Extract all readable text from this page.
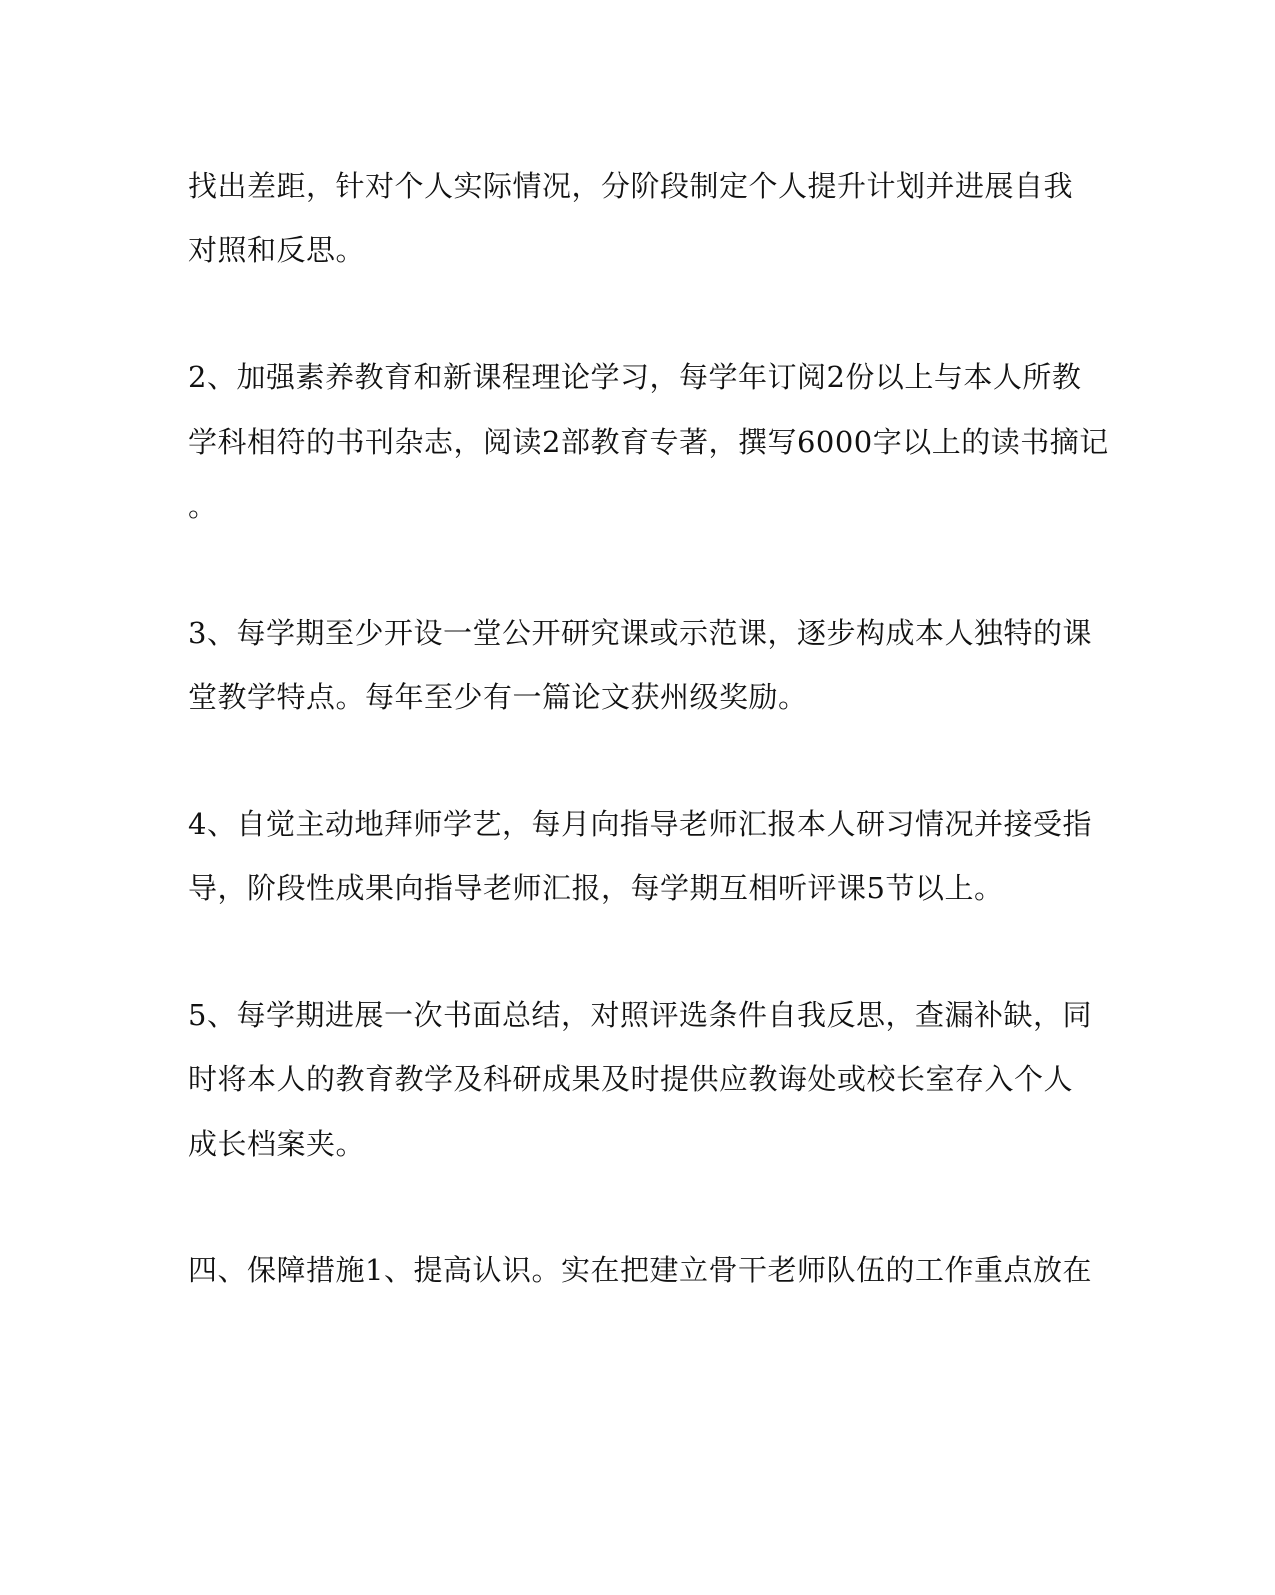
找出差距，针对个人实际情况，分阶段制定个人提升计划并进展自我
对照和反思。
2、加强素养教育和新课程理论学习，每学年订阅2份以上与本人所教
学科相符的书刊杂志，阅读2部教育专著，撰写6000字以上的读书摘记
。
3、每学期至少开设一堂公开研究课或示范课，逐步构成本人独特的课
堂教学特点。每年至少有一篇论文获州级奖励。
4、自觉主动地拜师学艺，每月向指导老师汇报本人研习情况并接受指
导，阶段性成果向指导老师汇报，每学期互相听评课5节以上。
5、每学期进展一次书面总结，对照评选条件自我反思，查漏补缺，同
时将本人的教育教学及科研成果及时提供应教诲处或校长室存入个人
成长档案夹。
四、保障措施1、提高认识。实在把建立骨干老师队伍的工作重点放在
